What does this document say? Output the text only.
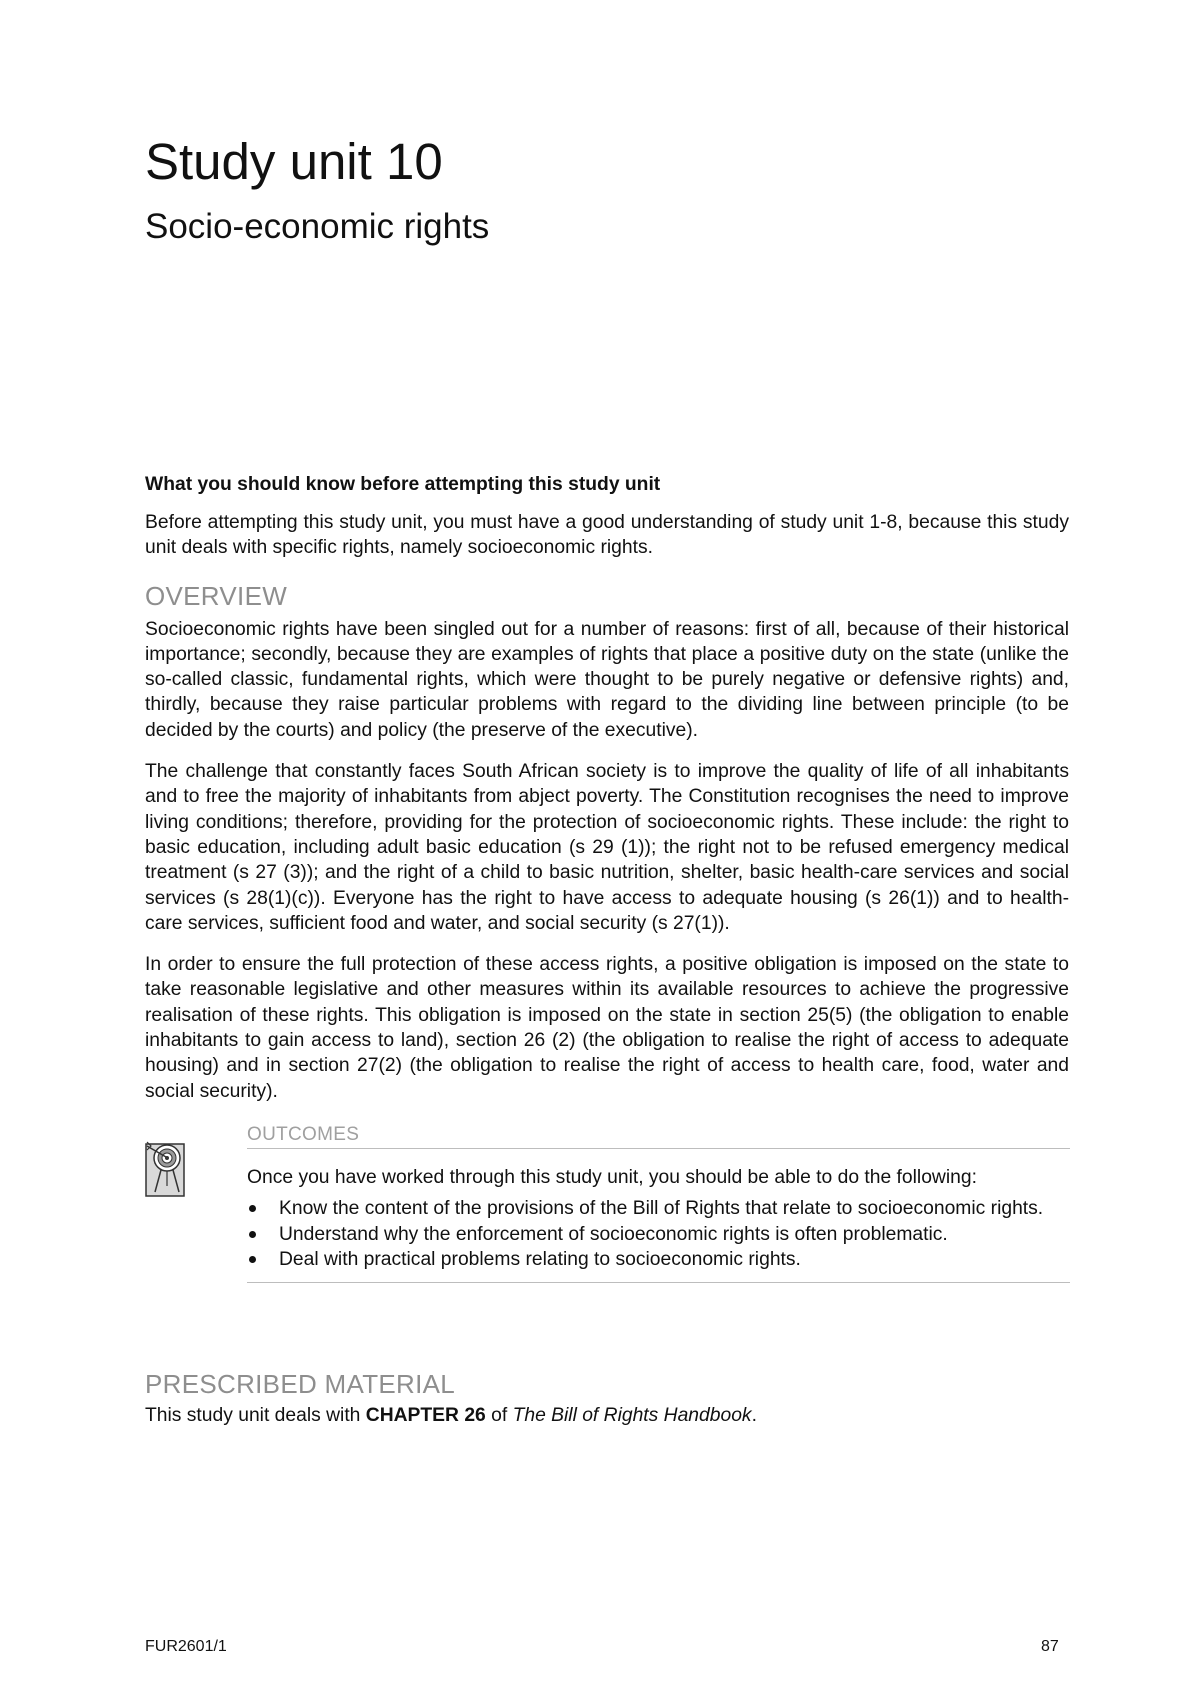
Study unit 10
Socio-economic rights

What you should know before attempting this study unit

Before attempting this study unit, you must have a good understanding of study unit 1-8, because this study unit deals with specific rights, namely socioeconomic rights.

OVERVIEW

Socioeconomic rights have been singled out for a number of reasons: first of all, because of their historical importance; secondly, because they are examples of rights that place a positive duty on the state (unlike the so-called classic, fundamental rights, which were thought to be purely negative or defensive rights) and, thirdly, because they raise particular problems with regard to the dividing line between principle (to be decided by the courts) and policy (the preserve of the executive).

The challenge that constantly faces South African society is to improve the quality of life of all inhabitants and to free the majority of inhabitants from abject poverty. The Constitution recognises the need to improve living conditions; therefore, providing for the protection of socioeconomic rights. These include: the right to basic education, including adult basic education (s 29 (1)); the right not to be refused emergency medical treatment (s 27 (3)); and the right of a child to basic nutrition, shelter, basic health-care services and social services (s 28(1)(c)). Everyone has the right to have access to adequate housing (s 26(1)) and to health-care services, sufficient food and water, and social security (s 27(1)).

In order to ensure the full protection of these access rights, a positive obligation is imposed on the state to take reasonable legislative and other measures within its available resources to achieve the progressive realisation of these rights. This obligation is imposed on the state in section 25(5) (the obligation to enable inhabitants to gain access to land), section 26 (2) (the obligation to realise the right of access to adequate housing) and in section 27(2) (the obligation to realise the right of access to health care, food, water and social security).

OUTCOMES

Once you have worked through this study unit, you should be able to do the following:

Know the content of the provisions of the Bill of Rights that relate to socioeconomic rights.
Understand why the enforcement of socioeconomic rights is often problematic.
Deal with practical problems relating to socioeconomic rights.
PRESCRIBED MATERIAL

This study unit deals with CHAPTER 26 of The Bill of Rights Handbook.

FUR2601/1	87
